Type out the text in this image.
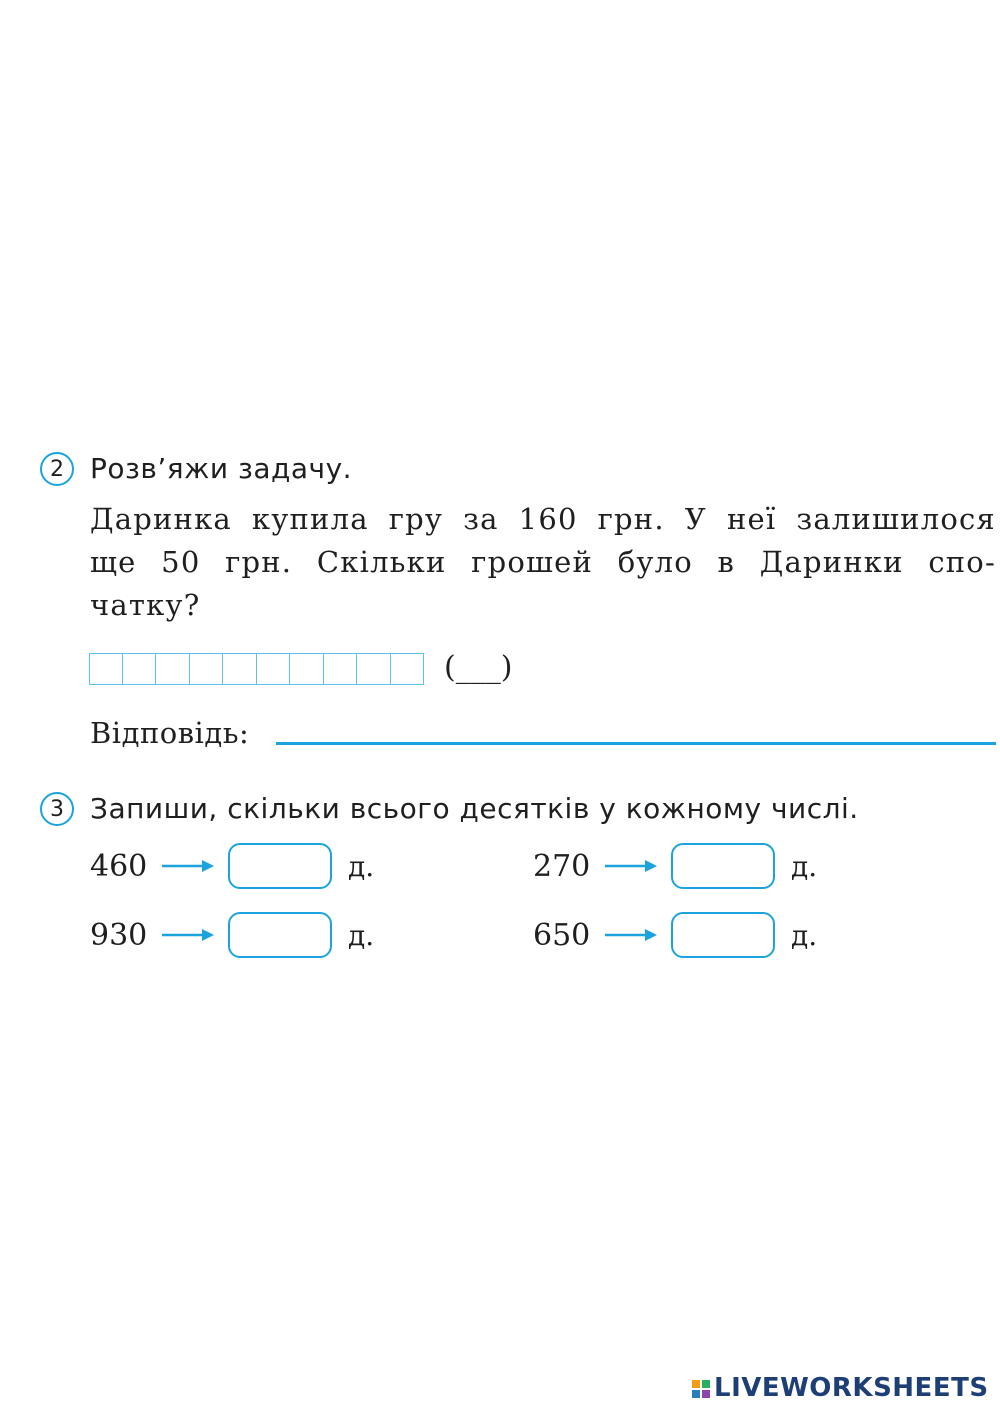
2 Розв’яжи задачу.
Даринка купила гру за 160 грн. У неї залишилося
ще 50 грн. Скільки грошей було в Даринки спо-
чатку?
(___)
Відповідь:
3 Запиши, скільки всього десятків у кожному числі.
460	д.	270	д.
930	д.	650	д.
LIVEWORKSHEETS
